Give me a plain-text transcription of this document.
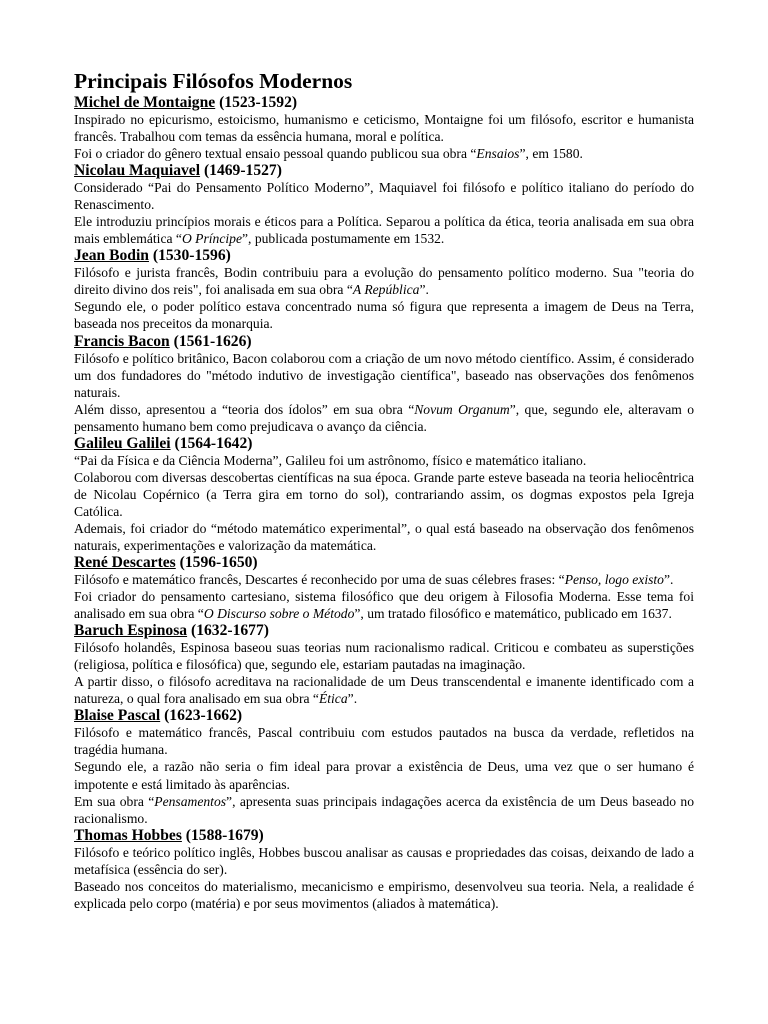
Principais Filósofos Modernos
Michel de Montaigne (1523-1592)

Inspirado no epicurismo, estoicismo, humanismo e ceticismo, Montaigne foi um filósofo, escritor e humanista francês. Trabalhou com temas da essência humana, moral e política.

Foi o criador do gênero textual ensaio pessoal quando publicou sua obra “Ensaios”, em 1580.

Nicolau Maquiavel (1469-1527)

Considerado “Pai do Pensamento Político Moderno”, Maquiavel foi filósofo e político italiano do período do Renascimento.

Ele introduziu princípios morais e éticos para a Política. Separou a política da ética, teoria analisada em sua obra mais emblemática “O Príncipe”, publicada postumamente em 1532.

Jean Bodin (1530-1596)

Filósofo e jurista francês, Bodin contribuiu para a evolução do pensamento político moderno. Sua "teoria do direito divino dos reis", foi analisada em sua obra “A República”.

Segundo ele, o poder político estava concentrado numa só figura que representa a imagem de Deus na Terra, baseada nos preceitos da monarquia.

Francis Bacon (1561-1626)

Filósofo e político britânico, Bacon colaborou com a criação de um novo método científico. Assim, é considerado um dos fundadores do "método indutivo de investigação científica", baseado nas observações dos fenômenos naturais.

Além disso, apresentou a “teoria dos ídolos” em sua obra “Novum Organum”, que, segundo ele, alteravam o pensamento humano bem como prejudicava o avanço da ciência.

Galileu Galilei (1564-1642)

“Pai da Física e da Ciência Moderna”, Galileu foi um astrônomo, físico e matemático italiano.

Colaborou com diversas descobertas científicas na sua época. Grande parte esteve baseada na teoria heliocêntrica de Nicolau Copérnico (a Terra gira em torno do sol), contrariando assim, os dogmas expostos pela Igreja Católica.

Ademais, foi criador do “método matemático experimental”, o qual está baseado na observação dos fenômenos naturais, experimentações e valorização da matemática.

René Descartes (1596-1650)

Filósofo e matemático francês, Descartes é reconhecido por uma de suas célebres frases: “Penso, logo existo”.

Foi criador do pensamento cartesiano, sistema filosófico que deu origem à Filosofia Moderna. Esse tema foi analisado em sua obra “O Discurso sobre o Método”, um tratado filosófico e matemático, publicado em 1637.

Baruch Espinosa (1632-1677)

Filósofo holandês, Espinosa baseou suas teorias num racionalismo radical. Criticou e combateu as superstições (religiosa, política e filosófica) que, segundo ele, estariam pautadas na imaginação.

A partir disso, o filósofo acreditava na racionalidade de um Deus transcendental e imanente identificado com a natureza, o qual fora analisado em sua obra “Ética”.

Blaise Pascal (1623-1662)

Filósofo e matemático francês, Pascal contribuiu com estudos pautados na busca da verdade, refletidos na tragédia humana.

Segundo ele, a razão não seria o fim ideal para provar a existência de Deus, uma vez que o ser humano é impotente e está limitado às aparências.

Em sua obra “Pensamentos”, apresenta suas principais indagações acerca da existência de um Deus baseado no racionalismo.

Thomas Hobbes (1588-1679)

Filósofo e teórico político inglês, Hobbes buscou analisar as causas e propriedades das coisas, deixando de lado a metafísica (essência do ser).

Baseado nos conceitos do materialismo, mecanicismo e empirismo, desenvolveu sua teoria. Nela, a realidade é explicada pelo corpo (matéria) e por seus movimentos (aliados à matemática).
